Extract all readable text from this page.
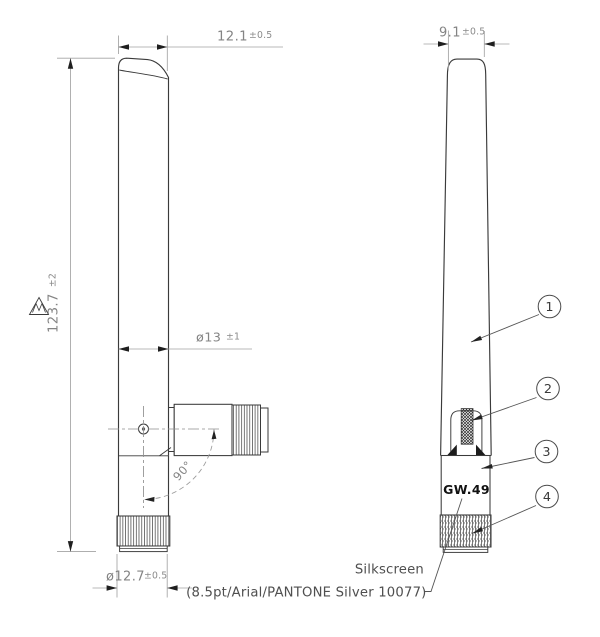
90°
GW.49
12.1 ±0.5	9.1 ±0.5
123.7 ±2
ø13 ±1
ø12.7 ±0.5
1
2
3
4
Silkscreen
(8.5pt/Arial/PANTONE Silver 10077)
